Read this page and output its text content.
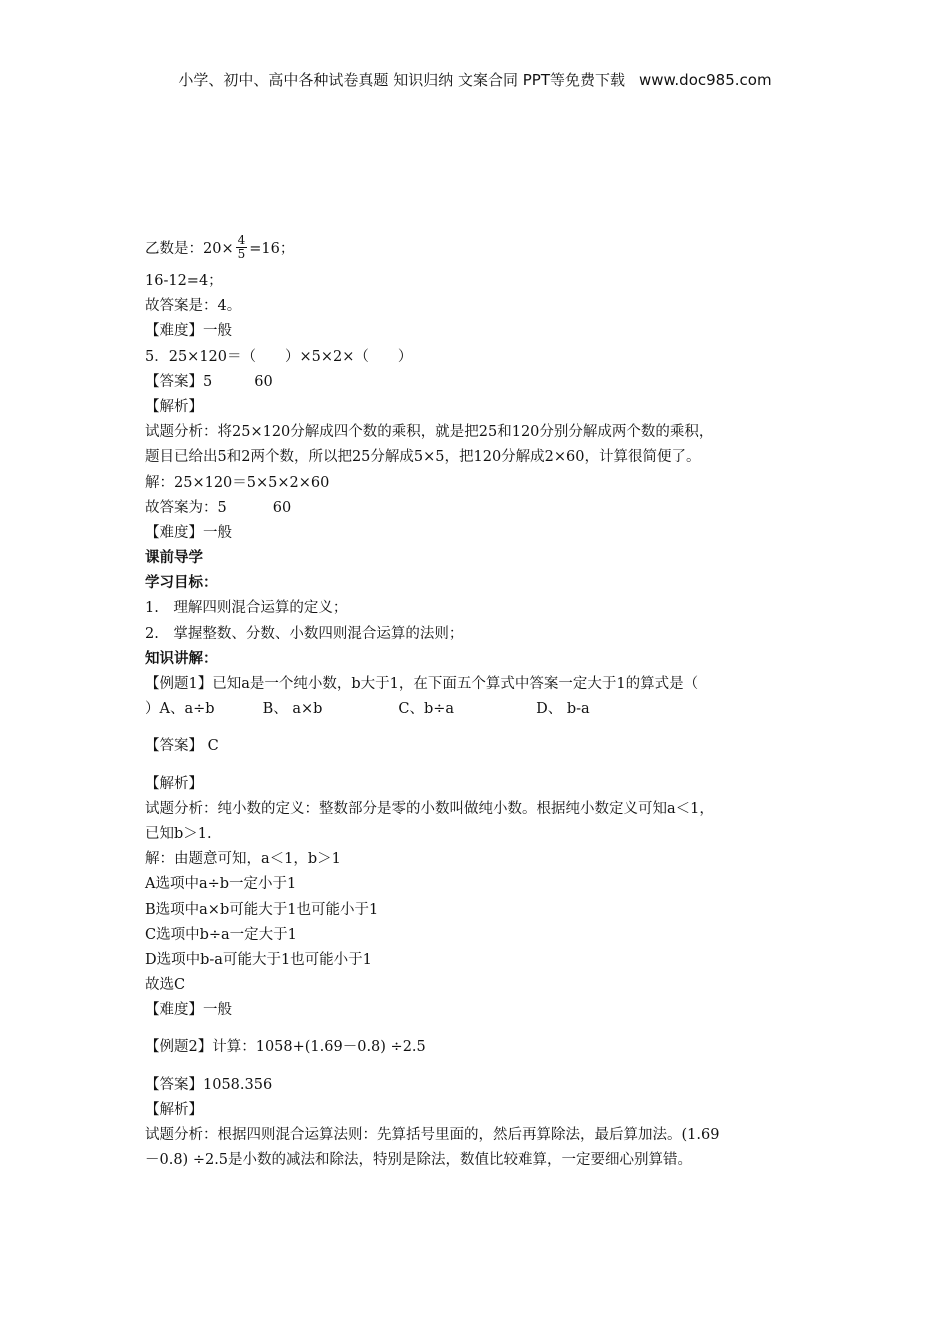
小学、初中、高中各种试卷真题 知识归纳 文案合同 PPT等免费下载 www.doc985.com
乙数是：$20\times \frac{4}{5} =16$；
16-12=4；
故答案是：4。
【难度】一般
5．25×120＝（　　）×5×2×（　　）
【答案】5	60
【解析】
试题分析：将25×120分解成四个数的乘积，就是把25和120分别分解成两个数的乘积，
题目已给出5和2两个数，所以把25分解成5×5，把120分解成2×60，计算很简便了。
解：25×120＝5×5×2×60
故答案为：5	60
【难度】一般
课前导学
学习目标：
1.　理解四则混合运算的定义；
2.　掌握整数、分数、小数四则混合运算的法则；
知识讲解：
【例题1】已知a是一个纯小数，b大于1，在下面五个算式中答案一定大于1的算式是（
）A、a÷b	B、 a×b	C、b÷a	D、 b-a
【答案】 C
【解析】
试题分析：纯小数的定义：整数部分是零的小数叫做纯小数。根据纯小数定义可知a＜1，
已知b＞1.
解：由题意可知，a＜1，b＞1
A选项中a÷b一定小于1
B选项中a×b可能大于1也可能小于1
C选项中b÷a一定大于1
D选项中b-a可能大于1也可能小于1
故选C
【难度】一般
【例题2】计算：1058+(1.69－0.8) ÷2.5
【答案】1058.356
【解析】
试题分析：根据四则混合运算法则：先算括号里面的，然后再算除法，最后算加法。(1.69
－0.8) ÷2.5是小数的减法和除法，特别是除法，数值比较难算，一定要细心别算错。
